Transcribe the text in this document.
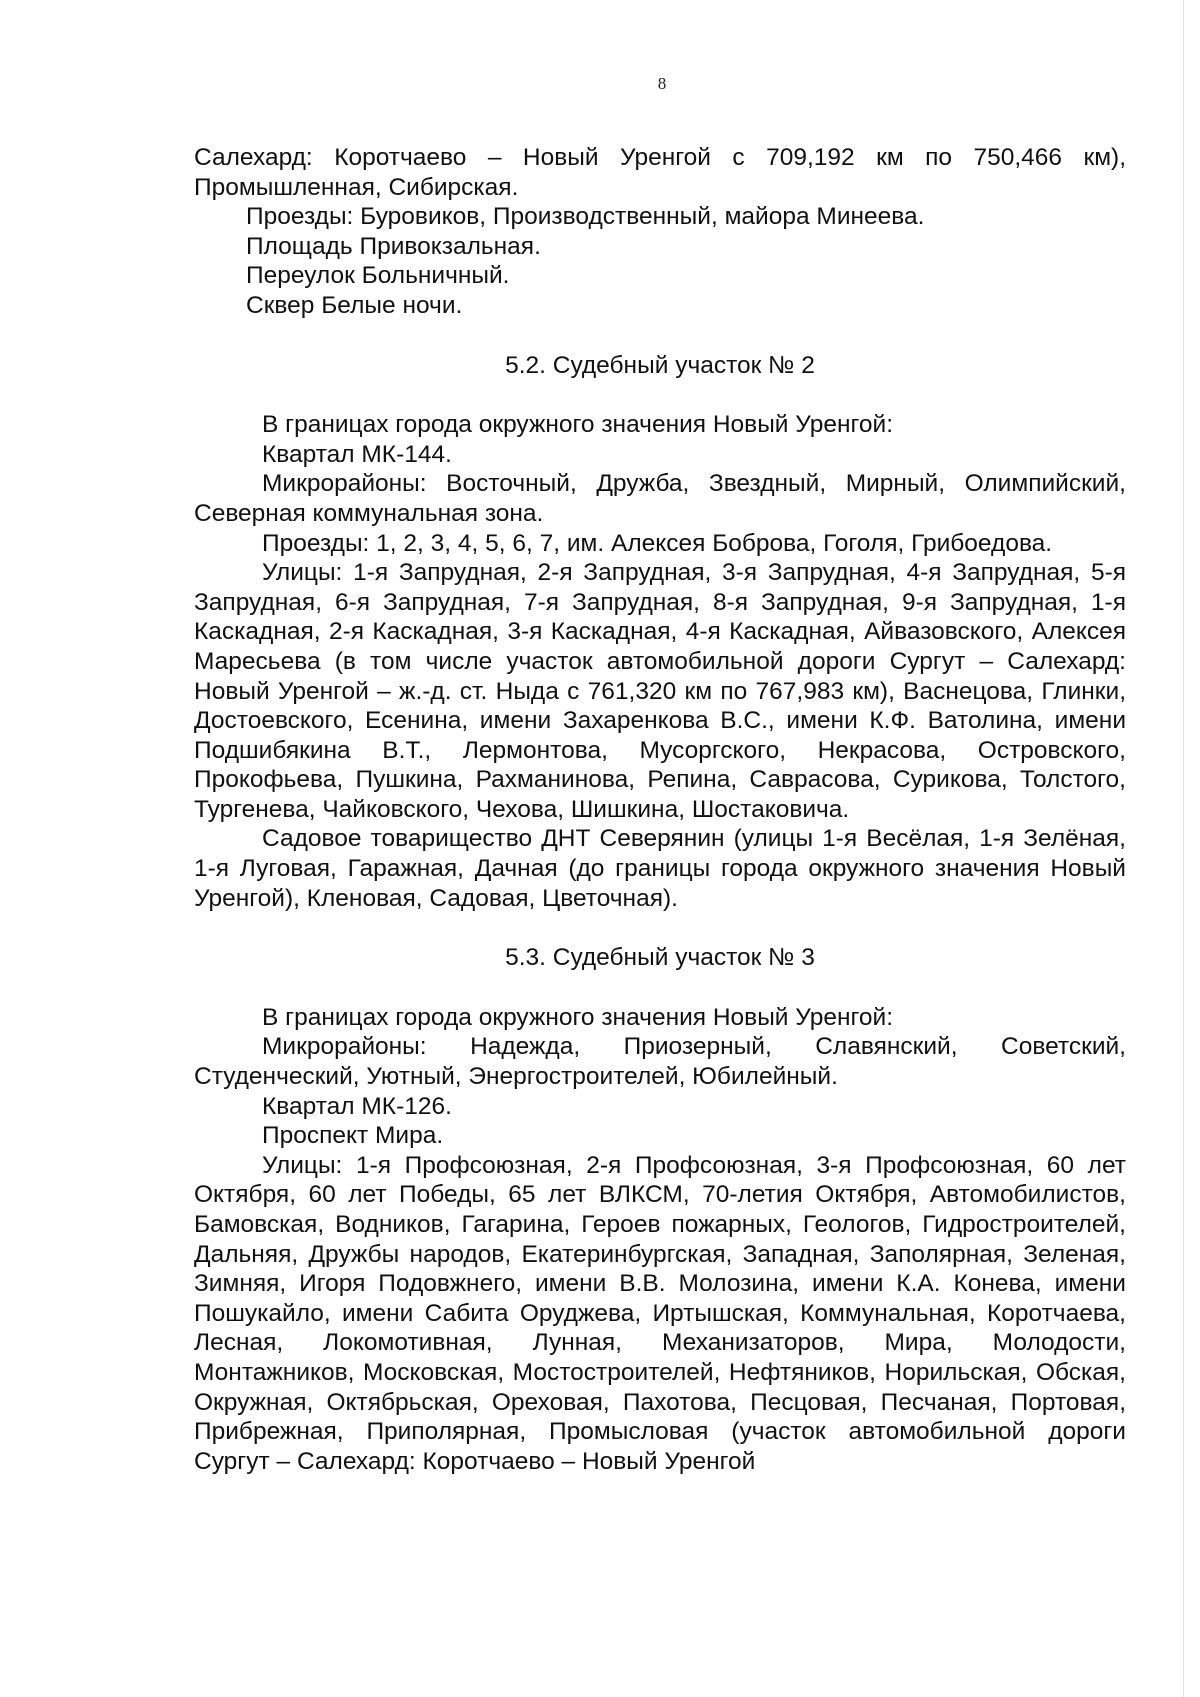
8

Салехард: Коротчаево – Новый Уренгой с 709,192 км по 750,466 км), Промышленная, Сибирская.

Проезды: Буровиков, Производственный, майора Минеева.

Площадь Привокзальная.

Переулок Больничный.

Сквер Белые ночи.

5.2. Судебный участок № 2

В границах города окружного значения Новый Уренгой:

Квартал МК-144.

Микрорайоны: Восточный, Дружба, Звездный, Мирный, Олимпийский, Северная коммунальная зона.

Проезды: 1, 2, 3, 4, 5, 6, 7, им. Алексея Боброва, Гоголя, Грибоедова.

Улицы: 1-я Запрудная, 2-я Запрудная, 3-я Запрудная, 4-я Запрудная, 5-я Запрудная, 6-я Запрудная, 7-я Запрудная, 8-я Запрудная, 9-я Запрудная, 1-я Каскадная, 2-я Каскадная, 3-я Каскадная, 4-я Каскадная, Айвазовского, Алексея Маресьева (в том числе участок автомобильной дороги Сургут – Салехард: Новый Уренгой – ж.-д. ст. Ныда с 761,320 км по 767,983 км), Васнецова, Глинки, Достоевского, Есенина, имени Захаренкова В.С., имени К.Ф. Ватолина, имени Подшибякина В.Т., Лермонтова, Мусоргского, Некрасова, Островского, Прокофьева, Пушкина, Рахманинова, Репина, Саврасова, Сурикова, Толстого, Тургенева, Чайковского, Чехова, Шишкина, Шостаковича.

Садовое товарищество ДНТ Северянин (улицы 1-я Весёлая, 1-я Зелёная, 1-я Луговая, Гаражная, Дачная (до границы города окружного значения Новый Уренгой), Кленовая, Садовая, Цветочная).

5.3. Судебный участок № 3

В границах города окружного значения Новый Уренгой:

Микрорайоны: Надежда, Приозерный, Славянский, Советский, Студенческий, Уютный, Энергостроителей, Юбилейный.

Квартал МК-126.

Проспект Мира.

Улицы: 1-я Профсоюзная, 2-я Профсоюзная, 3-я Профсоюзная, 60 лет Октября, 60 лет Победы, 65 лет ВЛКСМ, 70-летия Октября, Автомобилистов, Бамовская, Водников, Гагарина, Героев пожарных, Геологов, Гидростроителей, Дальняя, Дружбы народов, Екатеринбургская, Западная, Заполярная, Зеленая, Зимняя, Игоря Подовжнего, имени В.В. Молозина, имени К.А. Конева, имени Пошукайло, имени Сабита Оруджева, Иртышская, Коммунальная, Коротчаева, Лесная, Локомотивная, Лунная, Механизаторов, Мира, Молодости, Монтажников, Московская, Мостостроителей, Нефтяников, Норильская, Обская, Окружная, Октябрьская, Ореховая, Пахотова, Песцовая, Песчаная, Портовая, Прибрежная, Приполярная, Промысловая (участок автомобильной дороги Сургут – Салехард: Коротчаево – Новый Уренгой
